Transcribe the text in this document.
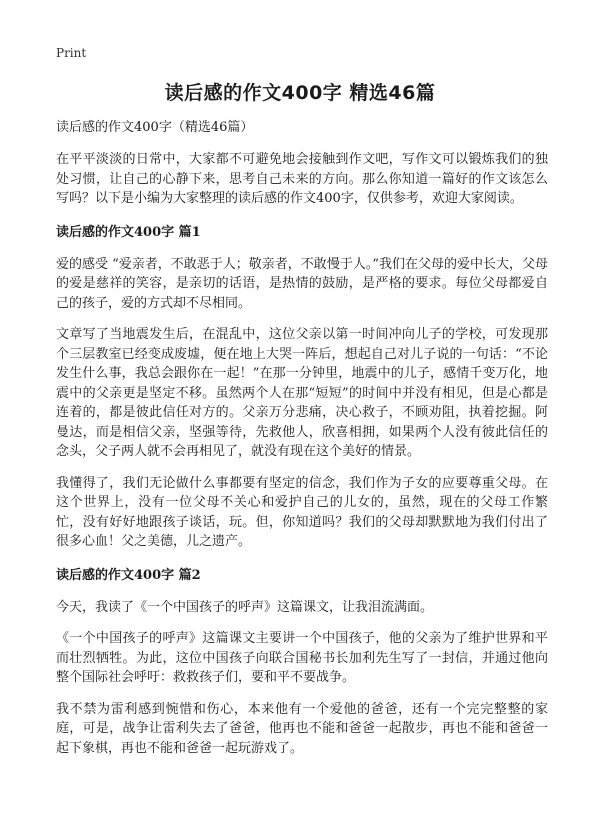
Print
读后感的作文400字 精选46篇

读后感的作文400字（精选46篇）

在平平淡淡的日常中，大家都不可避免地会接触到作文吧，写作文可以锻炼我们的独处习惯，让自己的心静下来，思考自己未来的方向。那么你知道一篇好的作文该怎么写吗？以下是小编为大家整理的读后感的作文400字，仅供参考，欢迎大家阅读。

读后感的作文400字 篇1

爱的感受 “爱亲者，不敢恶于人；敬亲者，不敢慢于人。”我们在父母的爱中长大，父母的爱是慈祥的笑容，是亲切的话语，是热情的鼓励，是严格的要求。每位父母都爱自己的孩子，爱的方式却不尽相同。

文章写了当地震发生后，在混乱中，这位父亲以第一时间冲向儿子的学校，可发现那个三层教室已经变成废墟，便在地上大哭一阵后，想起自己对儿子说的一句话：“不论发生什么事，我总会跟你在一起！”在那一分钟里，地震中的儿子，感情千变万化，地震中的父亲更是坚定不移。虽然两个人在那“短短”的时间中并没有相见，但是心都是连着的，都是彼此信任对方的。父亲万分悲痛，决心救子，不顾劝阻，执着挖掘。阿曼达，而是相信父亲，坚强等待，先救他人，欣喜相拥，如果两个人没有彼此信任的念头，父子两人就不会再相见了，就没有现在这个美好的情景。

我懂得了，我们无论做什么事都要有坚定的信念，我们作为子女的应要尊重父母。在这个世界上，没有一位父母不关心和爱护自己的儿女的，虽然，现在的父母工作繁忙，没有好好地跟孩子谈话，玩。但，你知道吗？我们的父母却默默地为我们付出了很多心血！父之美德，儿之遗产。

读后感的作文400字 篇2

今天，我读了《一个中国孩子的呼声》这篇课文，让我泪流满面。

《一个中国孩子的呼声》这篇课文主要讲一个中国孩子，他的父亲为了维护世界和平而壮烈牺牲。为此，这位中国孩子向联合国秘书长加利先生写了一封信，并通过他向整个国际社会呼吁：救救孩子们，要和平不要战争。

我不禁为雷利感到惋惜和伤心，本来他有一个爱他的爸爸，还有一个完完整整的家庭，可是，战争让雷利失去了爸爸，他再也不能和爸爸一起散步，再也不能和爸爸一起下象棋，再也不能和爸爸一起玩游戏了。
